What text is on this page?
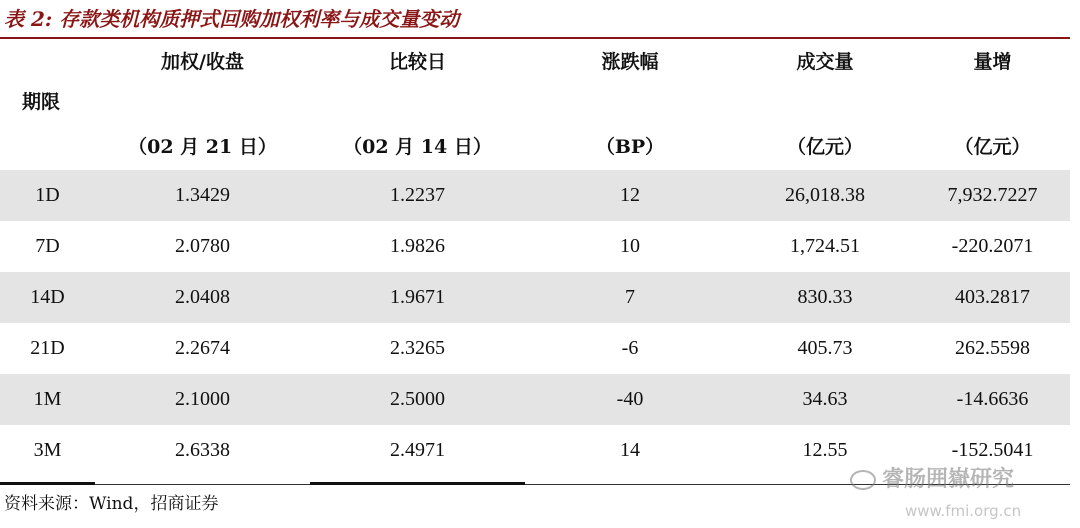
表 2: 存款类机构质押式回购加权利率与成交量变动
	加权/收盘	比较日	涨跌幅	成交量	量增
期限					
	（02 月 21 日）	（02 月 14 日）	（BP）	（亿元）	（亿元）
1D	1.3429	1.2237	12	26,018.38	7,932.7227
7D	2.0780	1.9826	10	1,724.51	-220.2071
14D	2.0408	1.9671	7	830.33	403.2817
21D	2.2674	2.3265	-6	405.73	262.5598
1M	2.1000	2.5000	-40	34.63	-14.6636
3M	2.6338	2.4971	14	12.55	-152.5041
资料来源：Wind，招商证券
睿肠囲嶽研究
www.fmi.org.cn
